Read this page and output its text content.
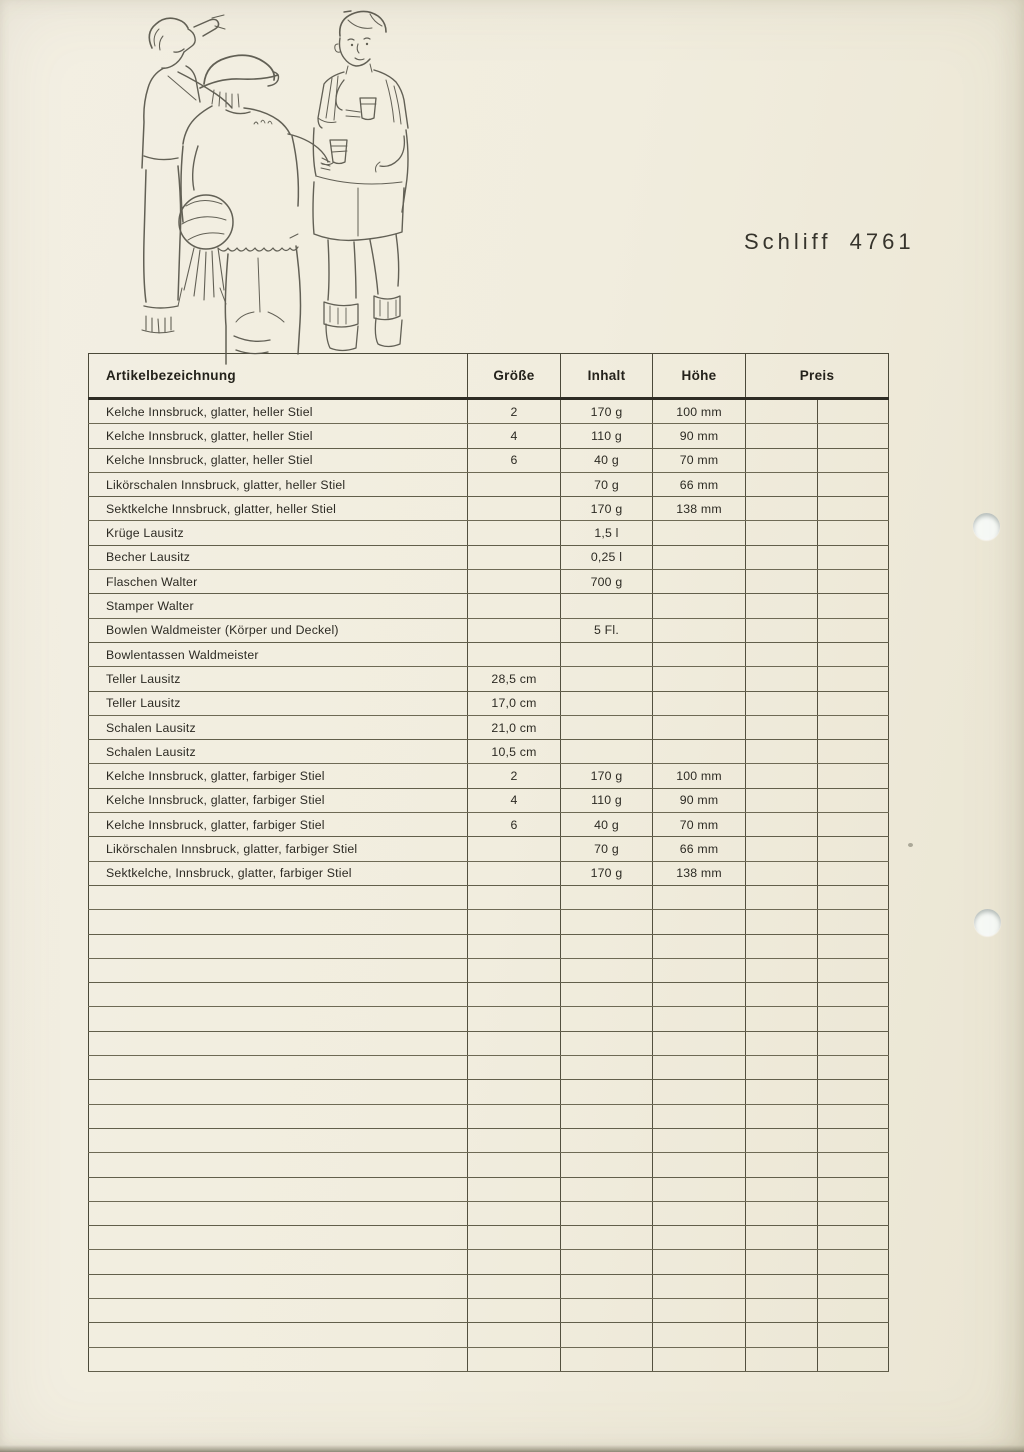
Schliff 4761
Artikelbezeichnung	Größe	Inhalt	Höhe	Preis	
Kelche Innsbruck, glatter, heller Stiel	2	170 g	100 mm		
Kelche Innsbruck, glatter, heller Stiel	4	110 g	90 mm		
Kelche Innsbruck, glatter, heller Stiel	6	40 g	70 mm		
Likörschalen Innsbruck, glatter, heller Stiel		70 g	66 mm		
Sektkelche Innsbruck, glatter, heller Stiel		170 g	138 mm		
Krüge Lausitz		1,5 l			
Becher Lausitz		0,25 l			
Flaschen Walter		700 g			
Stamper Walter					
Bowlen Waldmeister (Körper und Deckel)		5 Fl.			
Bowlentassen Waldmeister					
Teller Lausitz	28,5 cm				
Teller Lausitz	17,0 cm				
Schalen Lausitz	21,0 cm				
Schalen Lausitz	10,5 cm				
Kelche Innsbruck, glatter, farbiger Stiel	2	170 g	100 mm		
Kelche Innsbruck, glatter, farbiger Stiel	4	110 g	90 mm		
Kelche Innsbruck, glatter, farbiger Stiel	6	40 g	70 mm		
Likörschalen Innsbruck, glatter, farbiger Stiel		70 g	66 mm		
Sektkelche, Innsbruck, glatter, farbiger Stiel		170 g	138 mm		
